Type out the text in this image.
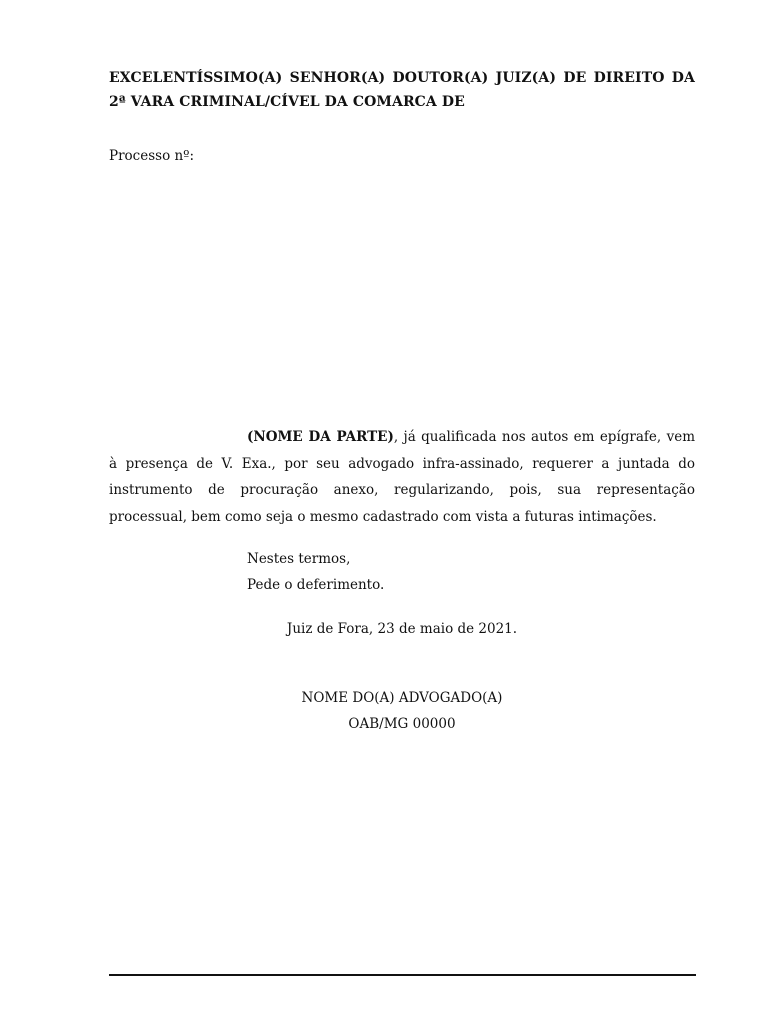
EXCELENTÍSSIMO(A) SENHOR(A) DOUTOR(A) JUIZ(A) DE DIREITO DA 2ª VARA CRIMINAL/CÍVEL DA COMARCA DE

Processo nº:

(NOME DA PARTE), já qualificada nos autos em epígrafe, vem à presença de V. Exa., por seu advogado infra-assinado, requerer a juntada do instrumento de procuração anexo, regularizando, pois, sua representação processual, bem como seja o mesmo cadastrado com vista a futuras intimações.

Nestes termos,
Pede o deferimento.
Juiz de Fora, 23 de maio de 2021.
NOME DO(A) ADVOGADO(A)
OAB/MG 00000
